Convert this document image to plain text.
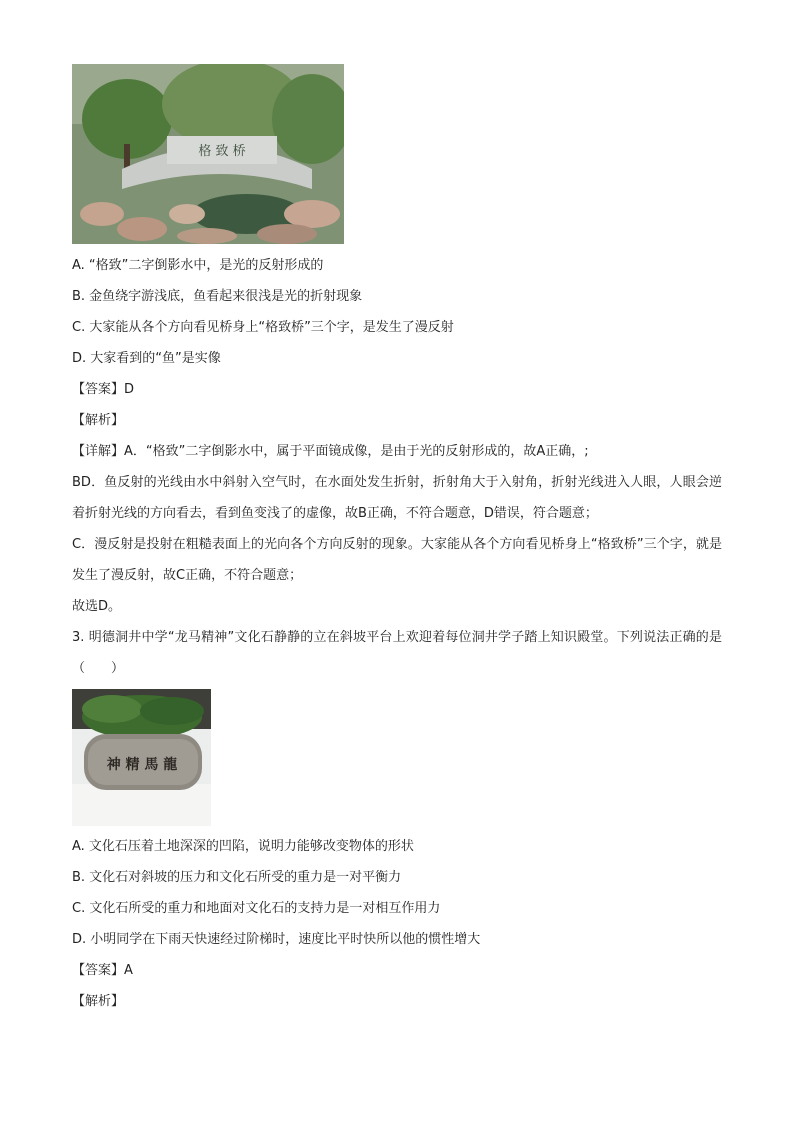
格 致 桥
A. “格致”二字倒影水中，是光的反射形成的
B. 金鱼绕字游浅底，鱼看起来很浅是光的折射现象
C. 大家能从各个方向看见桥身上“格致桥”三个字，是发生了漫反射
D. 大家看到的“鱼”是实像
【答案】D
【解析】
【详解】A．“格致”二字倒影水中，属于平面镜成像，是由于光的反射形成的，故A正确，;
BD．鱼反射的光线由水中斜射入空气时，在水面处发生折射，折射角大于入射角，折射光线进入人眼，人眼会逆着折射光线的方向看去，看到鱼变浅了的虚像，故B正确，不符合题意，D错误，符合题意；
C．漫反射是投射在粗糙表面上的光向各个方向反射的现象。大家能从各个方向看见桥身上“格致桥”三个字，就是发生了漫反射，故C正确，不符合题意；
故选D。
3. 明德洞井中学“龙马精神”文化石静静的立在斜坡平台上欢迎着每位洞井学子踏上知识殿堂。下列说法正确的是（　　）
神 精 馬 龍
A. 文化石压着土地深深的凹陷，说明力能够改变物体的形状
B. 文化石对斜坡的压力和文化石所受的重力是一对平衡力
C. 文化石所受的重力和地面对文化石的支持力是一对相互作用力
D. 小明同学在下雨天快速经过阶梯时，速度比平时快所以他的惯性增大
【答案】A
【解析】
